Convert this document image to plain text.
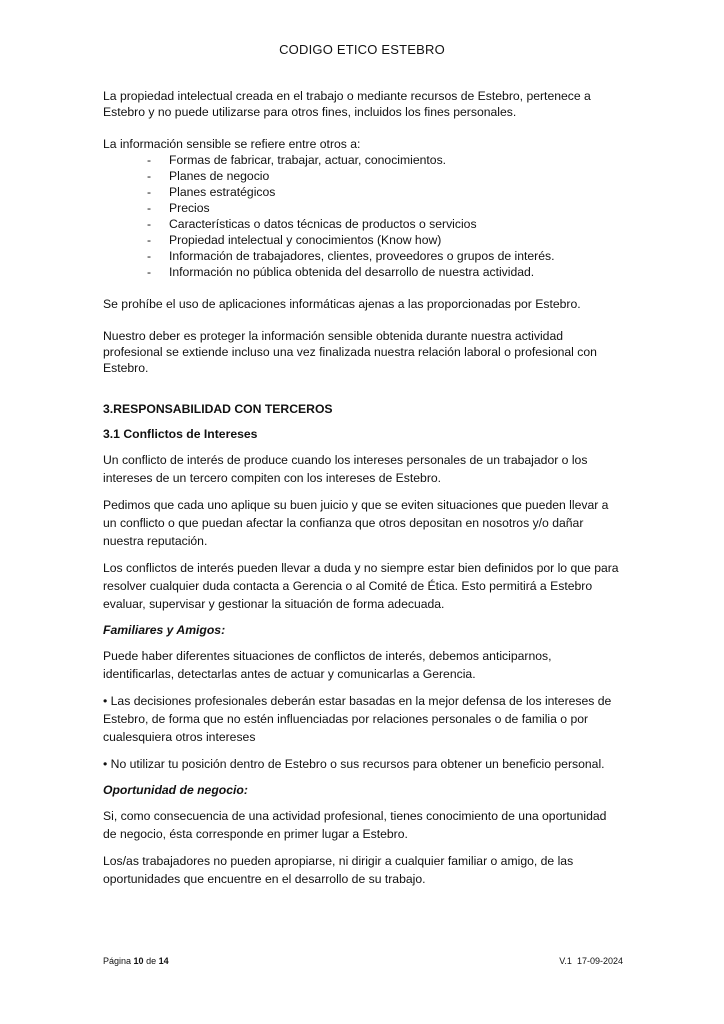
CODIGO ETICO ESTEBRO

La propiedad intelectual creada en el trabajo o mediante recursos de Estebro, pertenece a Estebro y no puede utilizarse para otros fines, incluidos los fines personales.

La información sensible se refiere entre otros a:

- Formas de fabricar, trabajar, actuar, conocimientos.
- Planes de negocio
- Planes estratégicos
- Precios
- Características o datos técnicas de productos o servicios
- Propiedad intelectual y conocimientos (Know how)
- Información de trabajadores, clientes, proveedores o grupos de interés.
- Información no pública obtenida del desarrollo de nuestra actividad.

Se prohíbe el uso de aplicaciones informáticas ajenas a las proporcionadas por Estebro.

Nuestro deber es proteger la información sensible obtenida durante nuestra actividad profesional se extiende incluso una vez finalizada nuestra relación laboral o profesional con Estebro.

3.RESPONSABILIDAD CON TERCEROS

3.1 Conflictos de Intereses

Un conflicto de interés de produce cuando los intereses personales de un trabajador o los intereses de un tercero compiten con los intereses de Estebro.

Pedimos que cada uno aplique su buen juicio y que se eviten situaciones que pueden llevar a un conflicto o que puedan afectar la confianza que otros depositan en nosotros y/o dañar nuestra reputación.

Los conflictos de interés pueden llevar a duda y no siempre estar bien definidos por lo que para resolver cualquier duda contacta a Gerencia o al Comité de Ética. Esto permitirá a Estebro evaluar, supervisar y gestionar la situación de forma adecuada.

Familiares y Amigos:

Puede haber diferentes situaciones de conflictos de interés, debemos anticiparnos, identificarlas, detectarlas antes de actuar y comunicarlas a Gerencia.

• Las decisiones profesionales deberán estar basadas en la mejor defensa de los intereses de Estebro, de forma que no estén influenciadas por relaciones personales o de familia o por cualesquiera otros intereses

• No utilizar tu posición dentro de Estebro o sus recursos para obtener un beneficio personal.

Oportunidad de negocio:

Si, como consecuencia de una actividad profesional, tienes conocimiento de una oportunidad de negocio, ésta corresponde en primer lugar a Estebro.

Los/as trabajadores no pueden apropiarse, ni dirigir a cualquier familiar o amigo, de las oportunidades que encuentre en el desarrollo de su trabajo.

Página 10 de 14	V.1 17-09-2024
